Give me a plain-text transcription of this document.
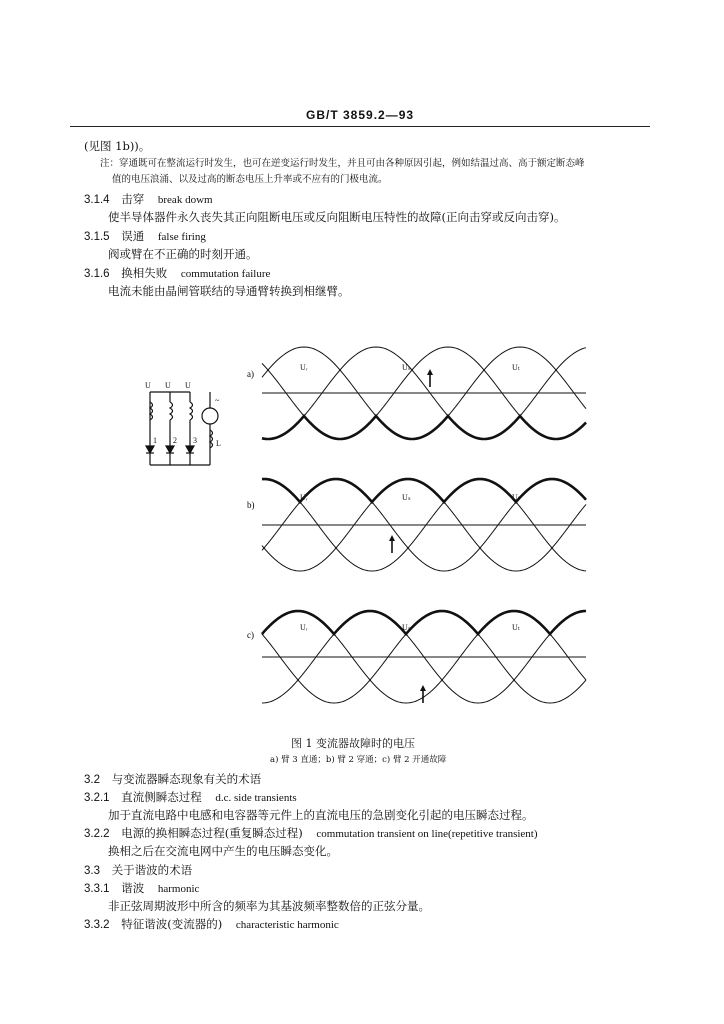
GB/T 3859.2—93
(见图 1b))。
注：穿通既可在整流运行时发生，也可在逆变运行时发生，并且可由各种原因引起，例如结温过高、高于额定断态峰
值的电压浪涌、以及过高的断态电压上升率或不应有的门极电流。
3.1.4 击穿 break dowm
使半导体器件永久丧失其正向阻断电压或反向阻断电压特性的故障(正向击穿或反向击穿)。
3.1.5 误通 false firing
阀或臂在不正确的时刻开通。
3.1.6 换相失败 commutation failure
电流未能由晶闸管联结的导通臂转换到相继臂。
U U U
1 2 3 L
~
Uᵣ	Uₛ	Uₜ
Uᵣ	Uₛ	Uₜ
Uᵣ	Uₛ	Uₜ
a)
b)
c)
图 1 变流器故障时的电压
a) 臂 3 直通；b) 臂 2 穿通；c) 臂 2 开通故障
3.2 与变流器瞬态现象有关的术语
3.2.1 直流侧瞬态过程 d.c. side transients
加于直流电路中电感和电容器等元件上的直流电压的急剧变化引起的电压瞬态过程。
3.2.2 电源的换相瞬态过程(重复瞬态过程) commutation transient on line(repetitive transient)
换相之后在交流电网中产生的电压瞬态变化。
3.3 关于谐波的术语
3.3.1 谐波 harmonic
非正弦周期波形中所含的频率为其基波频率整数倍的正弦分量。
3.3.2 特征谐波(变流器的) characteristic harmonic
